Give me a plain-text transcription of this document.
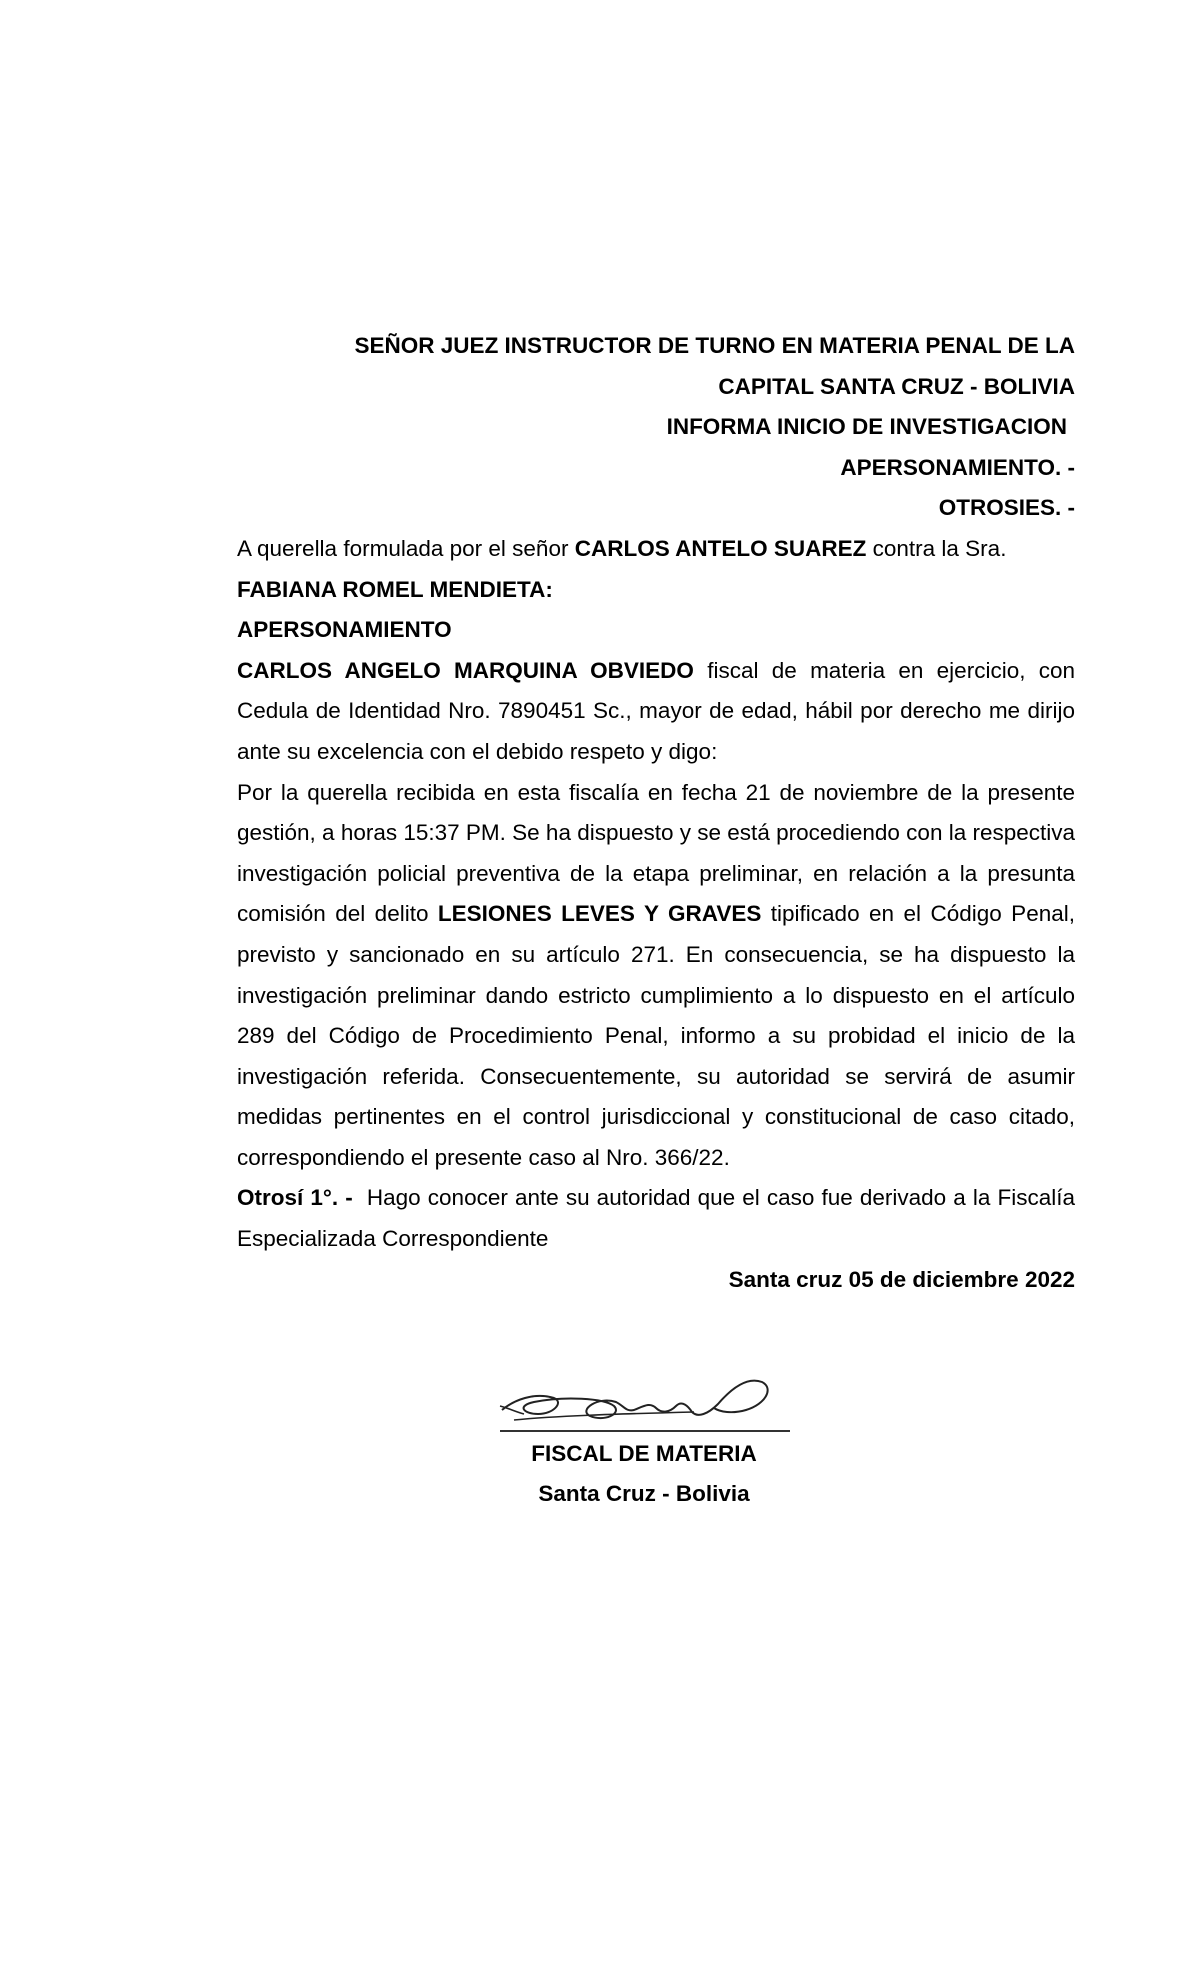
SEÑOR JUEZ INSTRUCTOR DE TURNO EN MATERIA PENAL DE LA

CAPITAL SANTA CRUZ - BOLIVIA

INFORMA INICIO DE INVESTIGACION

APERSONAMIENTO. -

OTROSIES. -

A querella formulada por el señor CARLOS ANTELO SUAREZ contra la Sra.

FABIANA ROMEL MENDIETA:

APERSONAMIENTO

CARLOS ANGELO MARQUINA OBVIEDO fiscal de materia en ejercicio, con Cedula de Identidad Nro. 7890451 Sc., mayor de edad, hábil por derecho me dirijo ante su excelencia con el debido respeto y digo:

Por la querella recibida en esta fiscalía en fecha 21 de noviembre de la presente gestión, a horas 15:37 PM. Se ha dispuesto y se está procediendo con la respectiva investigación policial preventiva de la etapa preliminar, en relación a la presunta comisión del delito LESIONES LEVES Y GRAVES tipificado en el Código Penal, previsto y sancionado en su artículo 271. En consecuencia, se ha dispuesto la investigación preliminar dando estricto cumplimiento a lo dispuesto en el artículo 289 del Código de Procedimiento Penal, informo a su probidad el inicio de la investigación referida. Consecuentemente, su autoridad se servirá de asumir medidas pertinentes en el control jurisdiccional y constitucional de caso citado, correspondiendo el presente caso al Nro. 366/22.

Otrosí 1°. -  Hago conocer ante su autoridad que el caso fue derivado a la Fiscalía Especializada Correspondiente

Santa cruz 05 de diciembre 2022

FISCAL DE MATERIA
Santa Cruz - Bolivia
